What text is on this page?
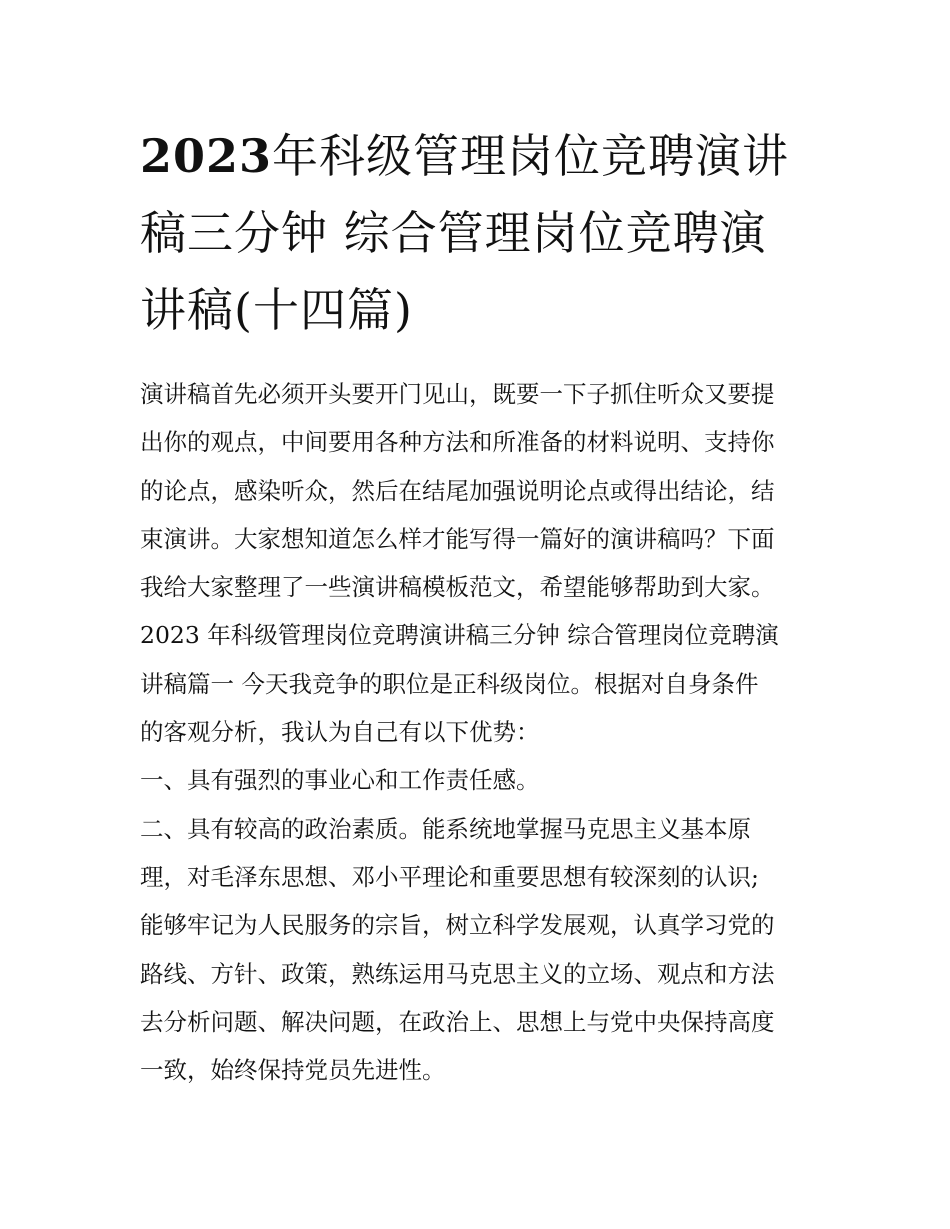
2023年科级管理岗位竞聘演讲
稿三分钟 综合管理岗位竞聘演
讲稿(十四篇)
演讲稿首先必须开头要开门见山，既要一下子抓住听众又要提
出你的观点，中间要用各种方法和所准备的材料说明、支持你
的论点，感染听众，然后在结尾加强说明论点或得出结论，结
束演讲。大家想知道怎么样才能写得一篇好的演讲稿吗？下面
我给大家整理了一些演讲稿模板范文，希望能够帮助到大家。
2023 年科级管理岗位竞聘演讲稿三分钟 综合管理岗位竞聘演
讲稿篇一 今天我竞争的职位是正科级岗位。根据对自身条件
的客观分析，我认为自己有以下优势：
一、具有强烈的事业心和工作责任感。
二、具有较高的政治素质。能系统地掌握马克思主义基本原
理，对毛泽东思想、邓小平理论和重要思想有较深刻的认识;
能够牢记为人民服务的宗旨，树立科学发展观，认真学习党的
路线、方针、政策，熟练运用马克思主义的立场、观点和方法
去分析问题、解决问题，在政治上、思想上与党中央保持高度
一致，始终保持党员先进性。
